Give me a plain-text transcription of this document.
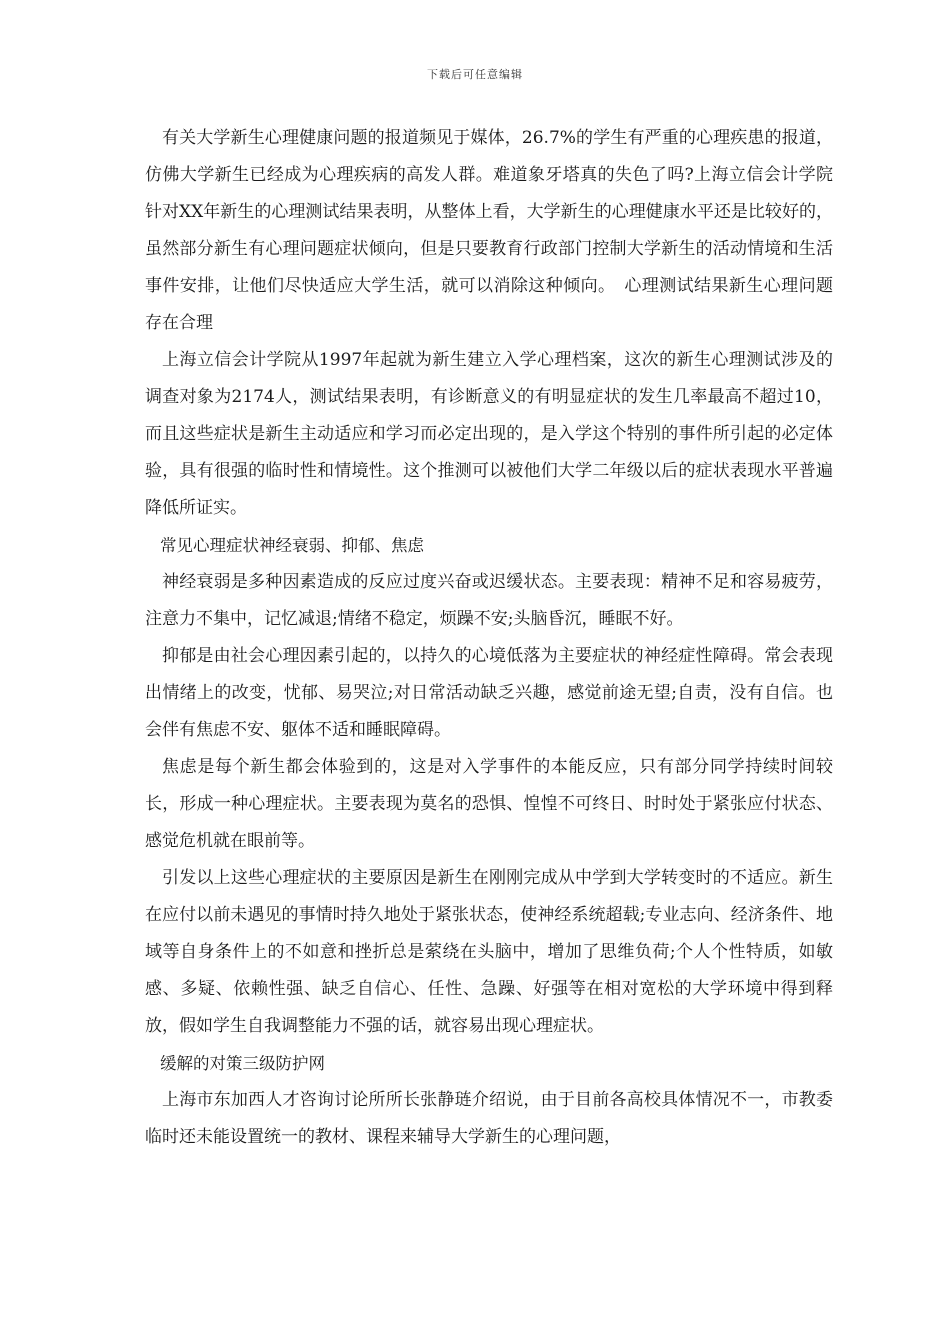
下载后可任意编辑

有关大学新生心理健康问题的报道频见于媒体，26.7%的学生有严重的心理疾患的报道，仿佛大学新生已经成为心理疾病的高发人群。难道象牙塔真的失色了吗?上海立信会计学院针对XX年新生的心理测试结果表明，从整体上看，大学新生的心理健康水平还是比较好的，虽然部分新生有心理问题症状倾向，但是只要教育行政部门控制大学新生的活动情境和生活事件安排，让他们尽快适应大学生活，就可以消除这种倾向。　心理测试结果新生心理问题存在合理

上海立信会计学院从1997年起就为新生建立入学心理档案，这次的新生心理测试涉及的调查对象为2174人，测试结果表明，有诊断意义的有明显症状的发生几率最高不超过10，而且这些症状是新生主动适应和学习而必定出现的，是入学这个特别的事件所引起的必定体验，具有很强的临时性和情境性。这个推测可以被他们大学二年级以后的症状表现水平普遍降低所证实。

常见心理症状神经衰弱、抑郁、焦虑

神经衰弱是多种因素造成的反应过度兴奋或迟缓状态。主要表现：精神不足和容易疲劳，注意力不集中，记忆减退;情绪不稳定，烦躁不安;头脑昏沉，睡眠不好。

抑郁是由社会心理因素引起的，以持久的心境低落为主要症状的神经症性障碍。常会表现出情绪上的改变，忧郁、易哭泣;对日常活动缺乏兴趣，感觉前途无望;自责，没有自信。也会伴有焦虑不安、躯体不适和睡眠障碍。

焦虑是每个新生都会体验到的，这是对入学事件的本能反应，只有部分同学持续时间较长，形成一种心理症状。主要表现为莫名的恐惧、惶惶不可终日、时时处于紧张应付状态、感觉危机就在眼前等。

引发以上这些心理症状的主要原因是新生在刚刚完成从中学到大学转变时的不适应。新生在应付以前未遇见的事情时持久地处于紧张状态，使神经系统超载;专业志向、经济条件、地域等自身条件上的不如意和挫折总是萦绕在头脑中，增加了思维负荷;个人个性特质，如敏感、多疑、依赖性强、缺乏自信心、任性、急躁、好强等在相对宽松的大学环境中得到释放，假如学生自我调整能力不强的话，就容易出现心理症状。

缓解的对策三级防护网

上海市东加西人才咨询讨论所所长张静琏介绍说，由于目前各高校具体情况不一，市教委临时还未能设置统一的教材、课程来辅导大学新生的心理问题，
